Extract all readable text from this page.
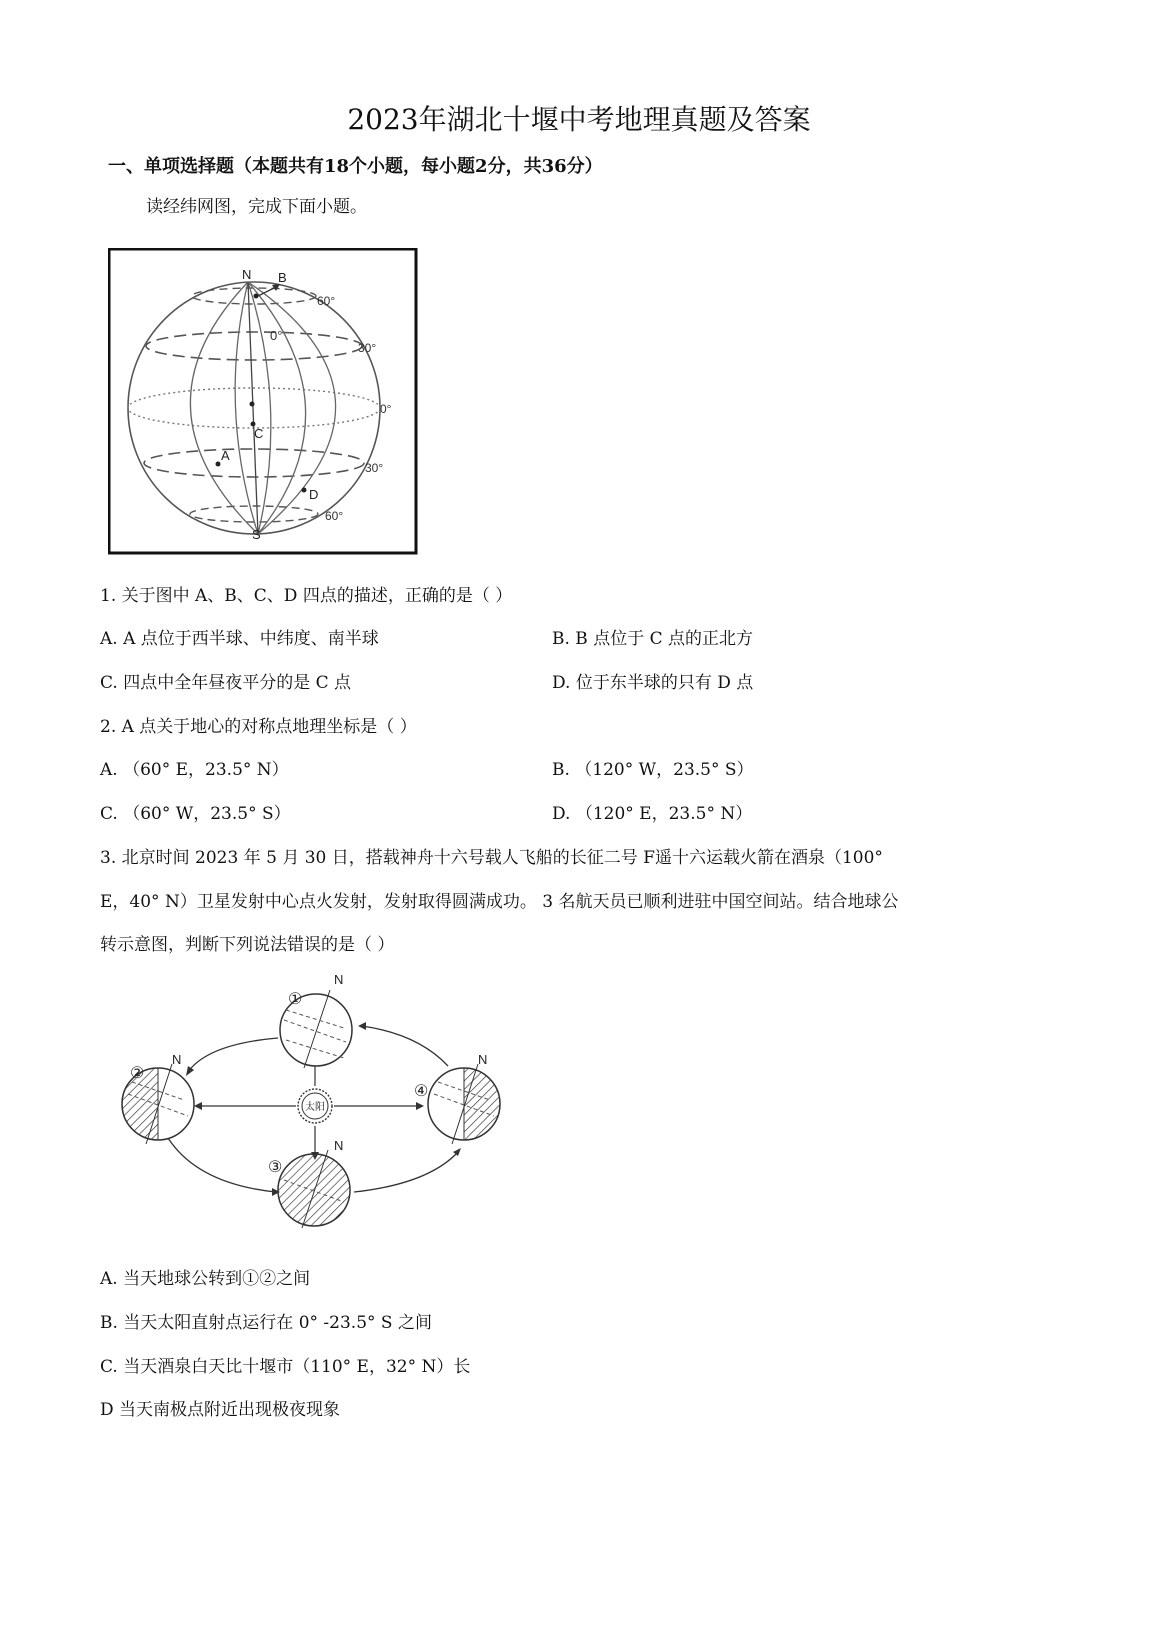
2023年湖北十堰中考地理真题及答案
一、单项选择题（本题共有18个小题，每小题2分，共36分）
读经纬网图，完成下面小题。
N B
60°
0°
30°
0°
C
A
30°
D
60°
S
1. 关于图中 A、B、C、D 四点的描述，正确的是（ ）
A. A 点位于西半球、中纬度、南半球	B. B 点位于 C 点的正北方
C. 四点中全年昼夜平分的是 C 点	D. 位于东半球的只有 D 点
2. A 点关于地心的对称点地理坐标是（ ）
A. （60° E，23.5° N）	B. （120° W，23.5° S）
C. （60° W，23.5° S）	D. （120° E，23.5° N）
3. 北京时间 2023 年 5 月 30 日，搭载神舟十六号载人飞船的长征二号 F遥十六运载火箭在酒泉（100°
E，40° N）卫星发射中心点火发射，发射取得圆满成功。 3 名航天员已顺利进驻中国空间站。结合地球公
转示意图，判断下列说法错误的是（ ）
太阳
①
N
②
N
④
N
③
N
A. 当天地球公转到①②之间
B. 当天太阳直射点运行在 0° -23.5° S 之间
C. 当天酒泉白天比十堰市（110° E，32° N）长
D 当天南极点附近出现极夜现象
